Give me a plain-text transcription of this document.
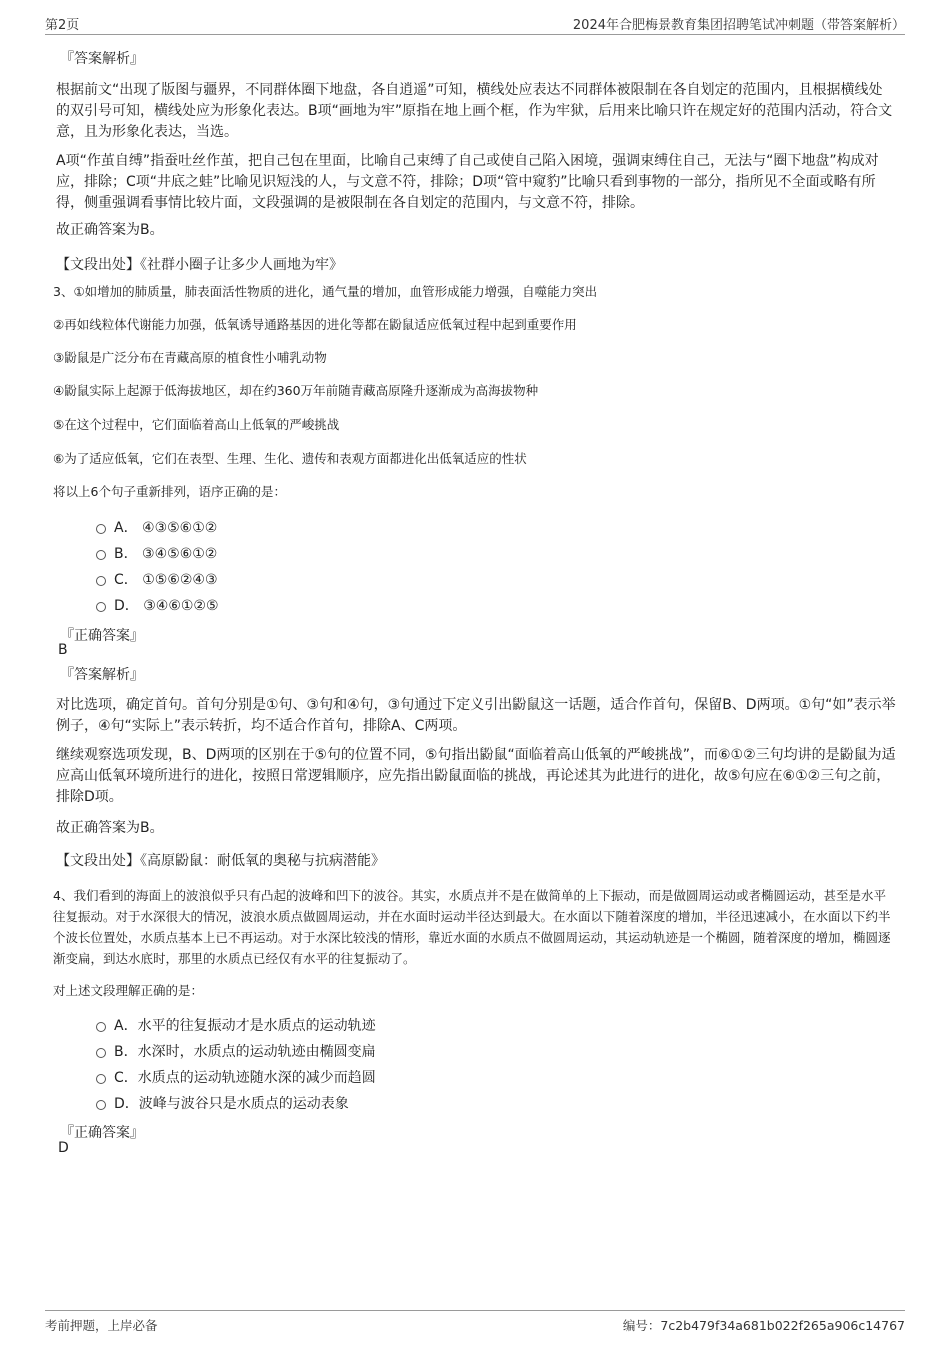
第2页	2024年合肥梅景教育集团招聘笔试冲刺题（带答案解析）
『答案解析』
根据前文“出现了版图与疆界，不同群体圈下地盘，各自逍遥”可知，横线处应表达不同群体被限制在各自划定的范围内，且根据横线处的双引号可知，横线处应为形象化表达。B项“画地为牢”原指在地上画个框，作为牢狱，后用来比喻只许在规定好的范围内活动，符合文意，且为形象化表达，当选。
A项“作茧自缚”指蚕吐丝作茧，把自己包在里面，比喻自己束缚了自己或使自己陷入困境，强调束缚住自己，无法与“圈下地盘”构成对应，排除；C项“井底之蛙”比喻见识短浅的人，与文意不符，排除；D项“管中窥豹”比喻只看到事物的一部分，指所见不全面或略有所得，侧重强调看事情比较片面，文段强调的是被限制在各自划定的范围内，与文意不符，排除。
故正确答案为B。
【文段出处】《社群小圈子让多少人画地为牢》
3、①如增加的肺质量，肺表面活性物质的进化，通气量的增加，血管形成能力增强，自噬能力突出
②再如线粒体代谢能力加强，低氧诱导通路基因的进化等都在鼢鼠适应低氧过程中起到重要作用
③鼢鼠是广泛分布在青藏高原的植食性小哺乳动物
④鼢鼠实际上起源于低海拔地区，却在约360万年前随青藏高原隆升逐渐成为高海拔物种
⑤在这个过程中，它们面临着高山上低氧的严峻挑战
⑥为了适应低氧，它们在表型、生理、生化、遗传和表观方面都进化出低氧适应的性状
将以上6个句子重新排列，语序正确的是：
A． ④③⑤⑥①②
B． ③④⑤⑥①②
C． ①⑤⑥②④③
D． ③④⑥①②⑤
『正确答案』
B
『答案解析』
对比选项，确定首句。首句分别是①句、③句和④句，③句通过下定义引出鼢鼠这一话题，适合作首句，保留B、D两项。①句“如”表示举例子，④句“实际上”表示转折，均不适合作首句，排除A、C两项。
继续观察选项发现，B、D两项的区别在于⑤句的位置不同，⑤句指出鼢鼠“面临着高山低氧的严峻挑战”，而⑥①②三句均讲的是鼢鼠为适应高山低氧环境所进行的进化，按照日常逻辑顺序，应先指出鼢鼠面临的挑战，再论述其为此进行的进化，故⑤句应在⑥①②三句之前，排除D项。
故正确答案为B。
【文段出处】《高原鼢鼠：耐低氧的奥秘与抗病潜能》
4、我们看到的海面上的波浪似乎只有凸起的波峰和凹下的波谷。其实，水质点并不是在做简单的上下振动，而是做圆周运动或者椭圆运动，甚至是水平往复振动。对于水深很大的情况，波浪水质点做圆周运动，并在水面时运动半径达到最大。在水面以下随着深度的增加，半径迅速减小，在水面以下约半个波长位置处，水质点基本上已不再运动。对于水深比较浅的情形，靠近水面的水质点不做圆周运动，其运动轨迹是一个椭圆，随着深度的增加，椭圆逐渐变扁，到达水底时，那里的水质点已经仅有水平的往复振动了。
对上述文段理解正确的是：
A．水平的往复振动才是水质点的运动轨迹
B．水深时，水质点的运动轨迹由椭圆变扁
C．水质点的运动轨迹随水深的减少而趋圆
D．波峰与波谷只是水质点的运动表象
『正确答案』
D
考前押题，上岸必备	编号：7c2b479f34a681b022f265a906c14767
